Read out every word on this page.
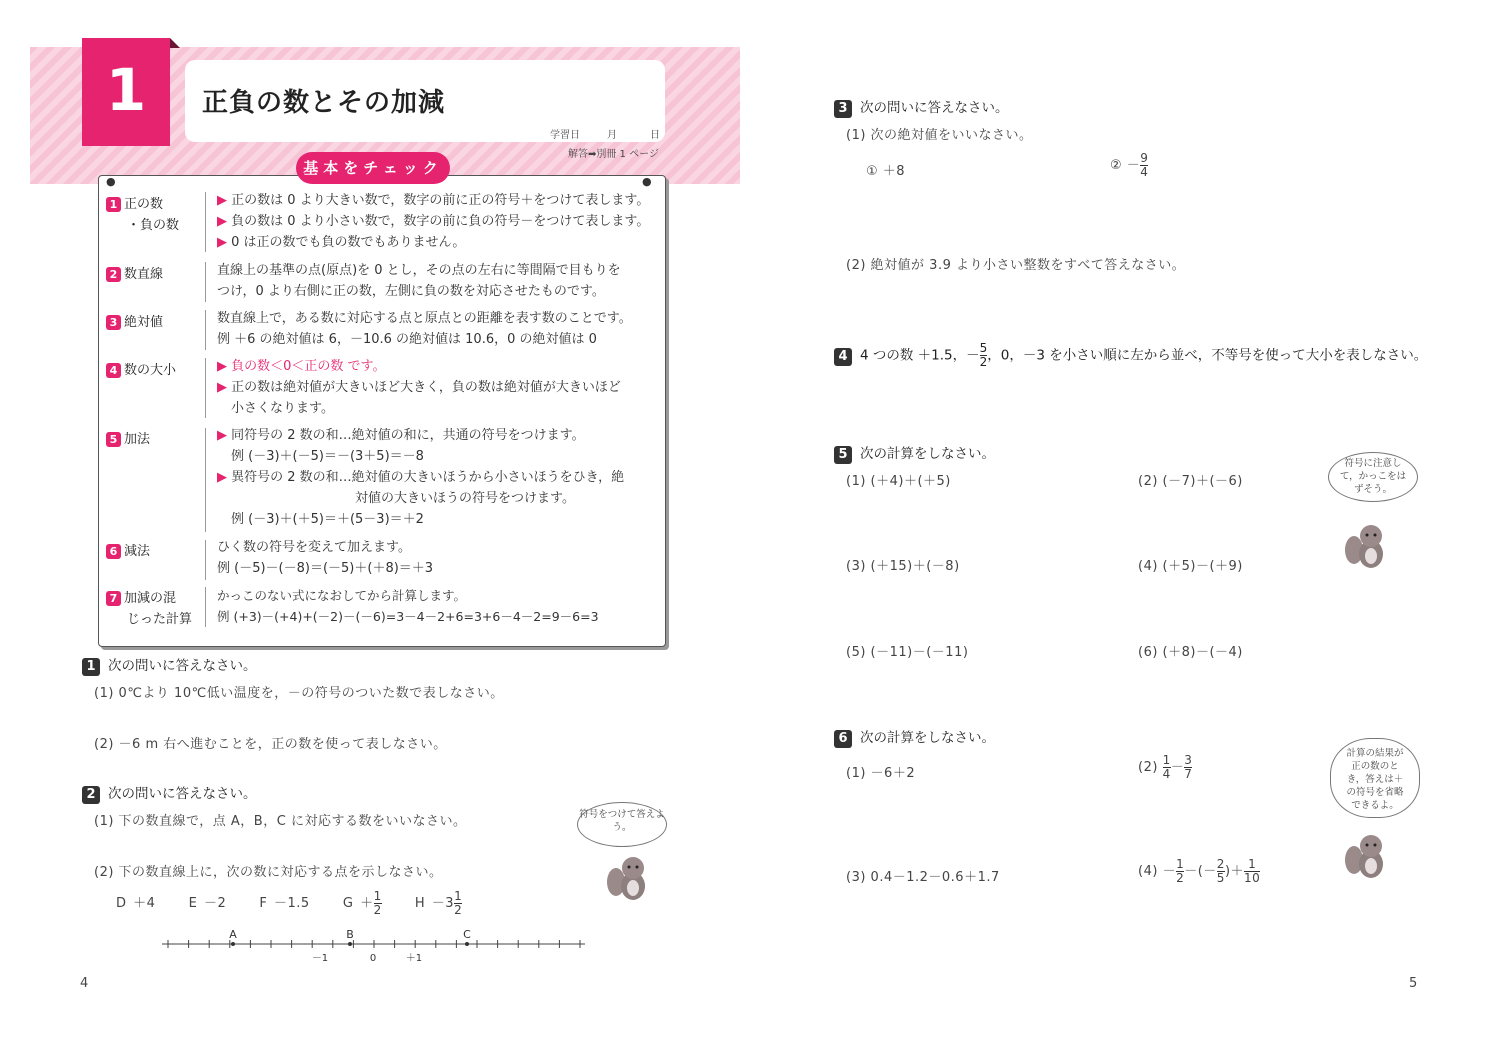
1	正負の数とその加減
学習日	月	日
解答➡別冊 1 ページ
基本をチェック
●	●
1 正の数
・負の数
▶ 正の数は 0 より大きい数で，数字の前に正の符号＋をつけて表します。
▶ 負の数は 0 より小さい数で，数字の前に負の符号－をつけて表します。
▶ 0 は正の数でも負の数でもありません。
2 数直線	直線上の基準の点(原点)を 0 とし，その点の左右に等間隔で目もりを
つけ，0 より右側に正の数，左側に負の数を対応させたものです。
3 絶対値	数直線上で，ある数に対応する点と原点との距離を表す数のことです。
例 ＋6 の絶対値は 6，－10.6 の絶対値は 10.6，0 の絶対値は 0
4 数の大小	▶ 負の数＜0＜正の数 です。
▶ 正の数は絶対値が大きいほど大きく，負の数は絶対値が大きいほど
小さくなります。
5 加法	▶ 同符号の 2 数の和…絶対値の和に，共通の符号をつけます。
例 (－3)＋(－5)＝－(3＋5)＝－8
▶ 異符号の 2 数の和…絶対値の大きいほうから小さいほうをひき，絶
対値の大きいほうの符号をつけます。
例 (－3)＋(＋5)＝＋(5－3)＝＋2
6 減法	ひく数の符号を変えて加えます。
例 (－5)－(－8)＝(－5)＋(＋8)＝＋3
7 加減の混
じった計算
かっこのない式になおしてから計算します。
例 (+3)－(+4)+(－2)－(－6)=3－4－2+6=3+6－4－2=9－6=3
1 次の問いに答えなさい。
(1) 0℃より 10℃低い温度を，－の符号のついた数で表しなさい。
(2) －6 m 右へ進むことを，正の数を使って表しなさい。
2 次の問いに答えなさい。
(1) 下の数直線で，点 A，B，C に対応する数をいいなさい。
(2) 下の数直線上に，次の数に対応する点を示しなさい。
D ＋4	E －2	F －1.5	$G +\frac{1}{2}$	$H -3\frac{1}{2}$
A	B	C
－1	0	＋1
符号をつけて答えよう。
4
3 次の問いに答えなさい。
(1) 次の絶対値をいいなさい。
① ＋8	② $-\frac{9}{4}$
(2) 絶対値が 3.9 より小さい整数をすべて答えなさい。
4 4 つの数 ＋1.5，$-\frac{5}{2}$ ，0，－3 を小さい順に左から並べ，不等号を使って大小を表しなさい。
5 次の計算をしなさい。
(1) (＋4)＋(＋5)	(2) (－7)＋(－6)
(3) (＋15)＋(－8)	(4) (＋5)－(＋9)
(5) (－11)－(－11)	(6) (＋8)－(－4)
符号に注意して，かっこをはずそう。
6 次の計算をしなさい。
(1) －6＋2	$(2) \frac{1}{4} -\frac{3}{7}$
(3) 0.4－1.2－0.6＋1.7	$(4) -\frac{1}{2} -(-\frac{2}{5} )+\frac{1}{10}$
計算の結果が正の数のとき，答えは＋の符号を省略できるよ。
5
